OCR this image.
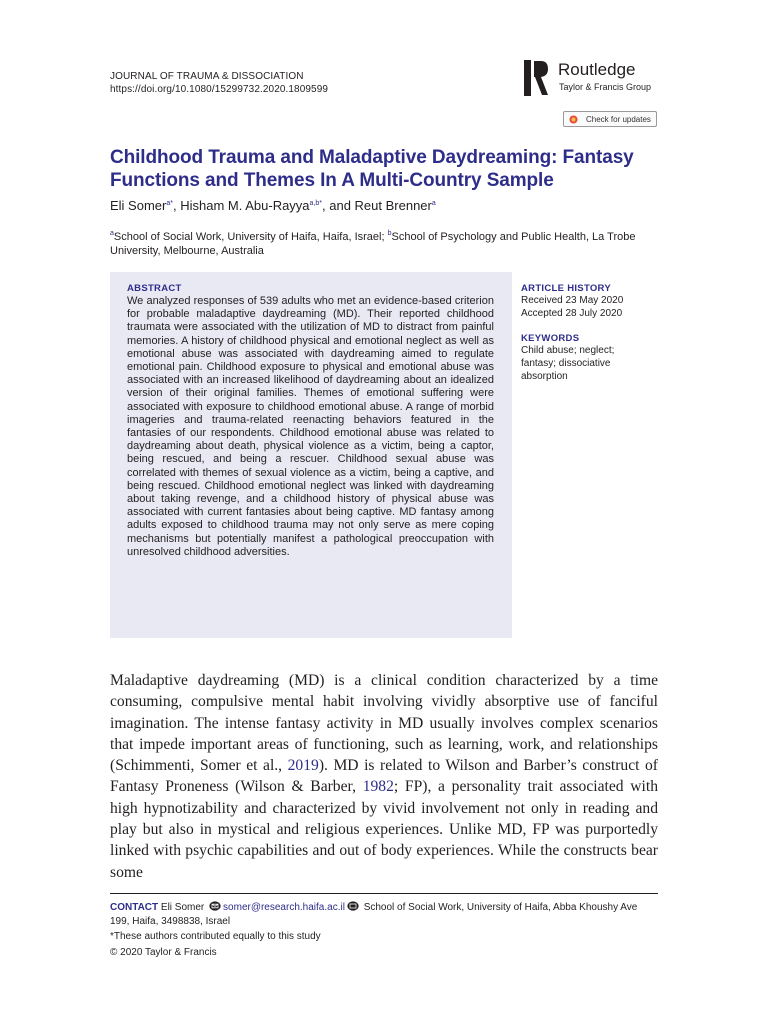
JOURNAL OF TRAUMA & DISSOCIATION
https://doi.org/10.1080/15299732.2020.1809599
Routledge
Taylor & Francis Group
Check for updates
Childhood Trauma and Maladaptive Daydreaming: Fantasy Functions and Themes In A Multi-Country Sample
Eli Somer$^{a*}$, Hisham M. Abu-Rayya$^{a,b*}$, and Reut Brenner$^a$
$^a$School of Social Work, University of Haifa, Haifa, Israel; $^b$School of Psychology and Public Health, La Trobe University, Melbourne, Australia
ABSTRACT
We analyzed responses of 539 adults who met an evidence-based criterion for probable maladaptive daydreaming (MD). Their reported childhood traumata were associated with the utilization of MD to distract from painful memories. A history of childhood physical and emotional neglect as well as emotional abuse was associated with daydreaming aimed to regulate emotional pain. Childhood exposure to physical and emotional abuse was associated with an increased likelihood of daydreaming about an idealized version of their original families. Themes of emotional suffering were associated with exposure to childhood emotional abuse. A range of morbid imageries and trauma-related reenacting behaviors featured in the fantasies of our respondents. Childhood emotional abuse was related to daydreaming about death, physical violence as a victim, being a captor, being rescued, and being a rescuer. Childhood sexual abuse was correlated with themes of sexual violence as a victim, being a captive, and being rescued. Childhood emotional neglect was linked with daydreaming about taking revenge, and a childhood history of physical abuse was associated with current fantasies about being captive. MD fantasy among adults exposed to childhood trauma may not only serve as mere coping mechanisms but potentially manifest a pathological preoccupation with unresolved childhood adversities.
ARTICLE HISTORY
Received 23 May 2020
Accepted 28 July 2020
KEYWORDS
Child abuse; neglect; fantasy; dissociative absorption
Maladaptive daydreaming (MD) is a clinical condition characterized by a time consuming, compulsive mental habit involving vividly absorptive use of fanciful imagination. The intense fantasy activity in MD usually involves complex scenarios that impede important areas of functioning, such as learning, work, and relationships (Schimmenti, Somer et al., 2019). MD is related to Wilson and Barber’s construct of Fantasy Proneness (Wilson & Barber, 1982; FP), a personality trait associated with high hypnotizability and characterized by vivid involvement not only in reading and play but also in mystical and religious experiences. Unlike MD, FP was purportedly linked with psychic capabilities and out of body experiences. While the constructs bear some
CONTACT Eli Somer somer@research.haifa.ac.il School of Social Work, University of Haifa, Abba Khoushy Ave 199, Haifa, 3498838, Israel
*These authors contributed equally to this study
© 2020 Taylor & Francis
